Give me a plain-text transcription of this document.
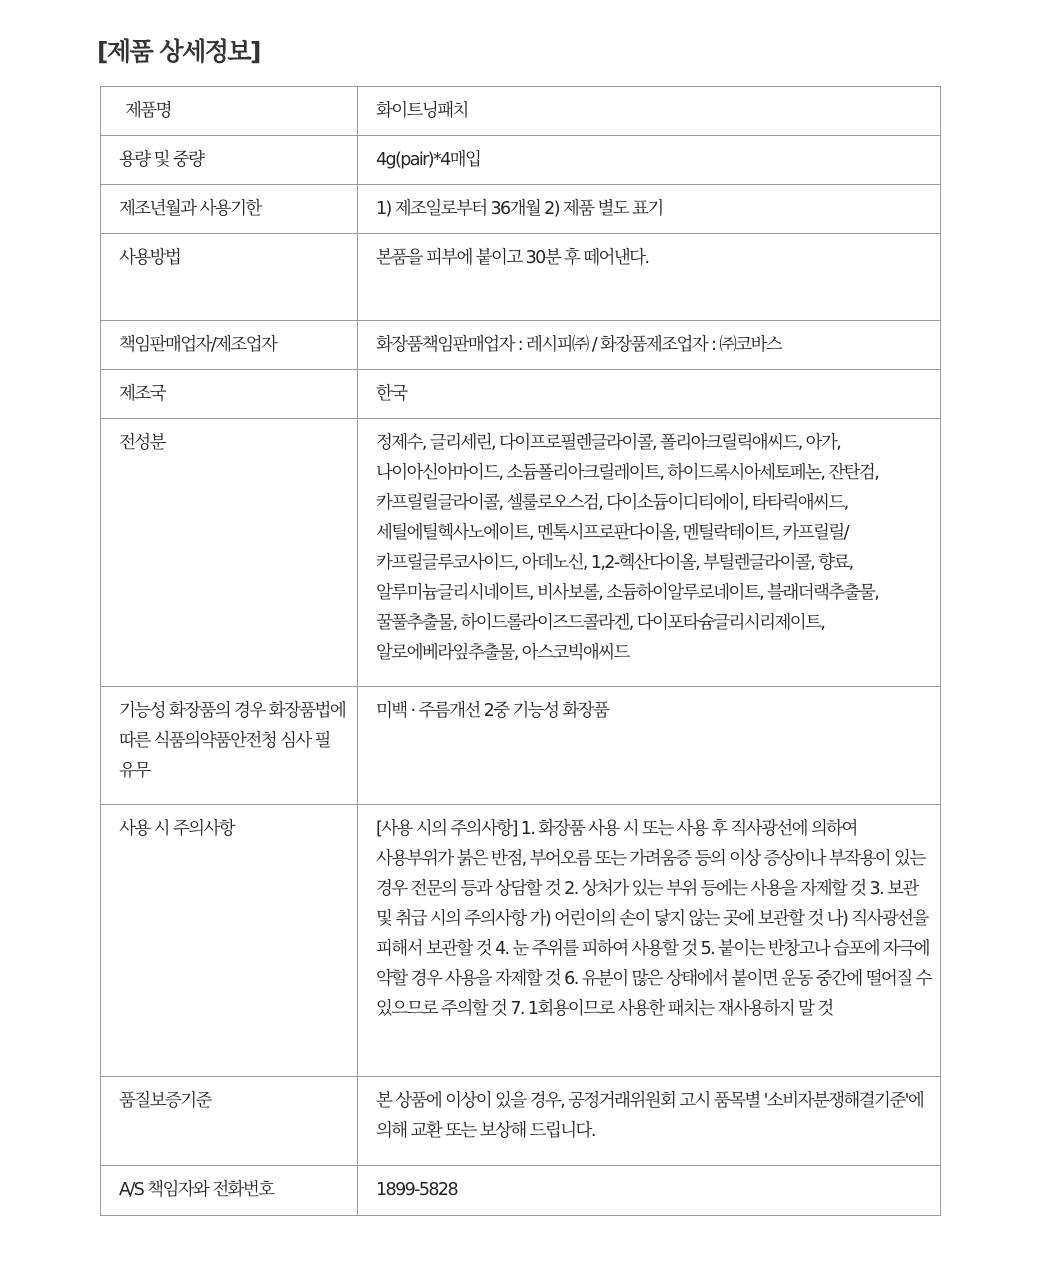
[제품 상세정보]
제품명	화이트닝패치
용량 및 중량	4g(pair)*4매입
제조년월과 사용기한	1) 제조일로부터 36개월 2) 제품 별도 표기
사용방법	본품을 피부에 붙이고 30분 후 떼어낸다.
책임판매업자/제조업자	화장품책임판매업자 : 레시피㈜ / 화장품제조업자 : ㈜코바스
제조국	한국
전성분	정제수, 글리세린, 다이프로필렌글라이콜, 폴리아크릴릭애씨드, 아가, 나이아신아마이드, 소듐폴리아크릴레이트, 하이드록시아세토페논, 잔탄검, 카프릴릴글라이콜, 셀룰로오스검, 다이소듐이디티에이, 타타릭애씨드, 세틸에틸헥사노에이트, 멘톡시프로판다이올, 멘틸락테이트, 카프릴릴/카프릴글루코사이드, 아데노신, 1,2-헥산다이올, 부틸렌글라이콜, 향료, 알루미늄글리시네이트, 비사보롤, 소듐하이알루로네이트, 블래더랙추출물, 꿀풀추출물, 하이드롤라이즈드콜라겐, 다이포타슘글리시리제이트, 알로에베라잎추출물, 아스코빅애씨드
기능성 화장품의 경우 화장품법에 따른 식품의약품안전청 심사 필 유무	미백 · 주름개선 2중 기능성 화장품
사용 시 주의사항	[사용 시의 주의사항] 1. 화장품 사용 시 또는 사용 후 직사광선에 의하여 사용부위가 붉은 반점, 부어오름 또는 가려움증 등의 이상 증상이나 부작용이 있는 경우 전문의 등과 상담할 것 2. 상처가 있는 부위 등에는 사용을 자제할 것 3. 보관 및 취급 시의 주의사항 가) 어린이의 손이 닿지 않는 곳에 보관할 것 나) 직사광선을 피해서 보관할 것 4. 눈 주위를 피하여 사용할 것 5. 붙이는 반창고나 습포에 자극에 약할 경우 사용을 자제할 것 6. 유분이 많은 상태에서 붙이면 운동 중간에 떨어질 수 있으므로 주의할 것 7. 1회용이므로 사용한 패치는 재사용하지 말 것
품질보증기준	본 상품에 이상이 있을 경우, 공정거래위원회 고시 품목별 '소비자분쟁해결기준'에 의해 교환 또는 보상해 드립니다.
A/S 책임자와 전화번호	1899-5828
